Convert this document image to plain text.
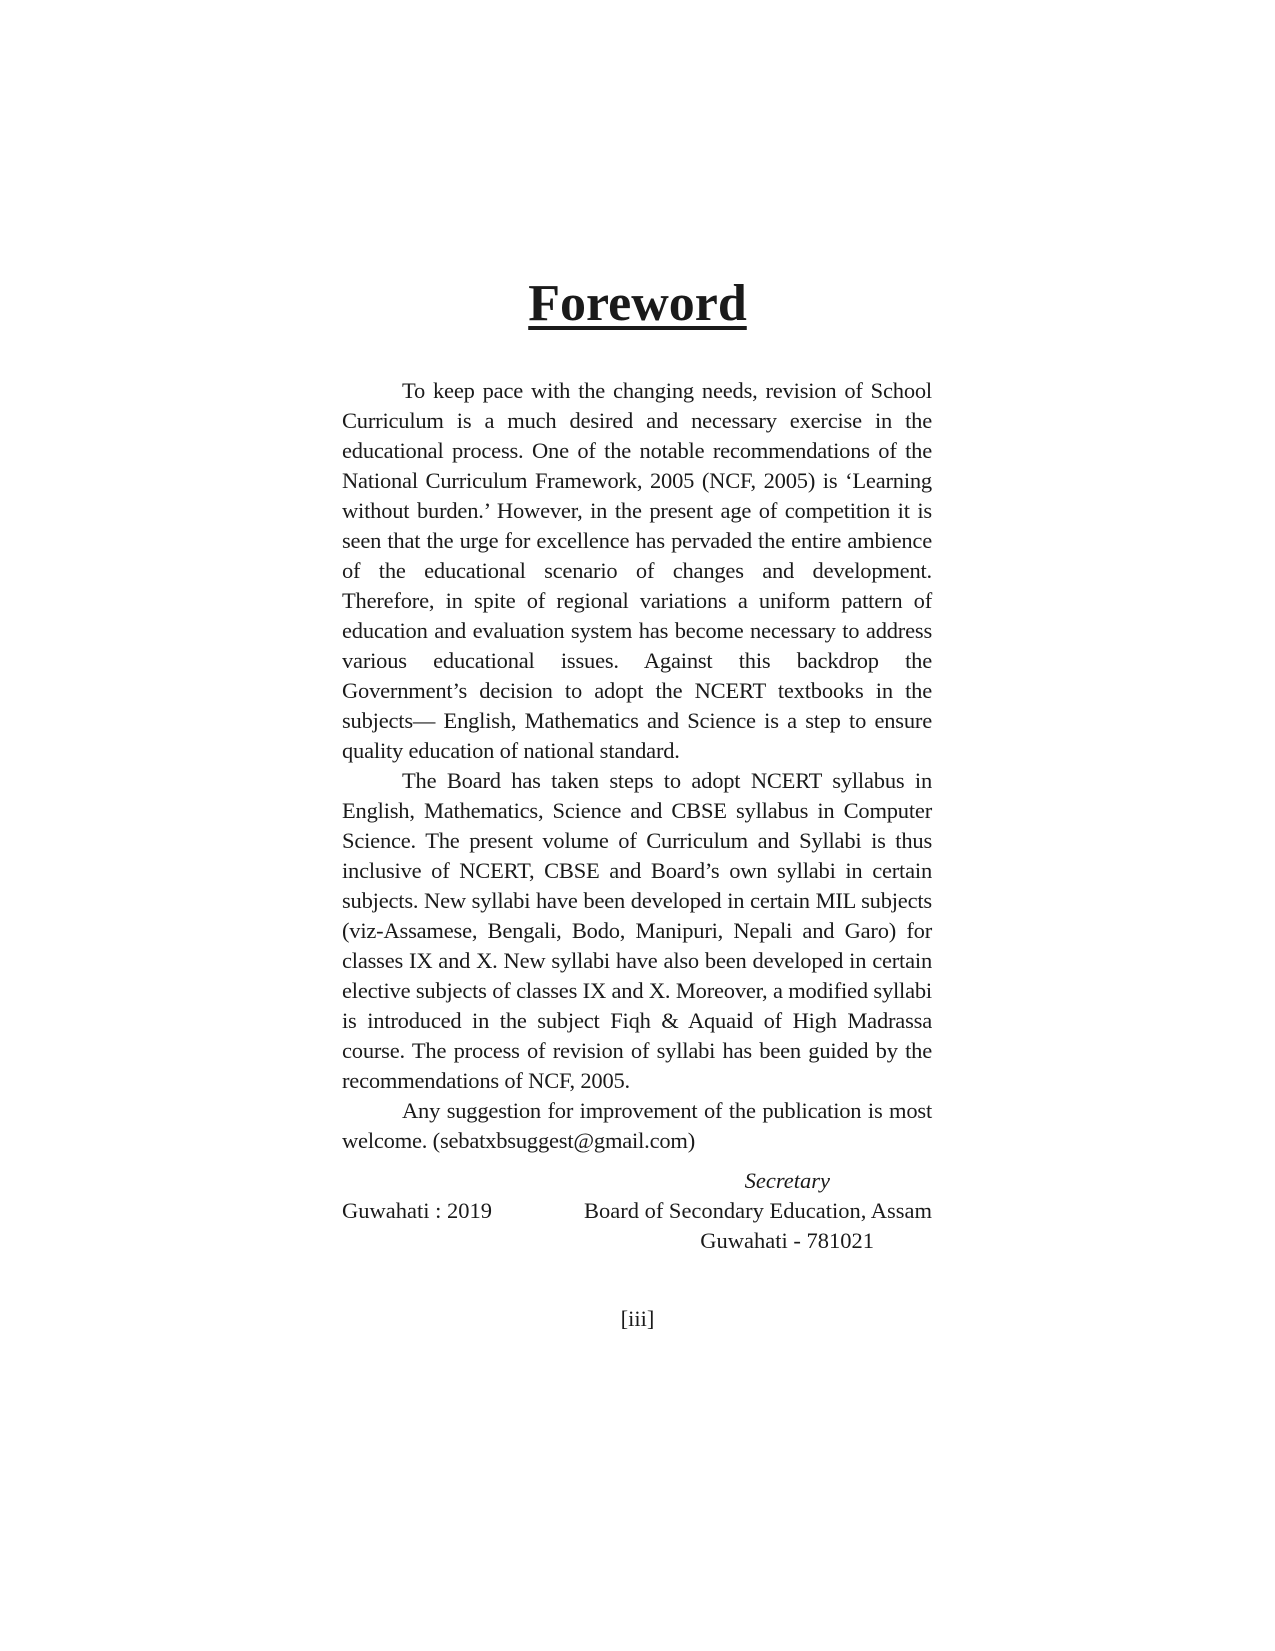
Foreword

To keep pace with the changing needs, revision of School Curriculum is a much desired and necessary exercise in the educational process. One of the notable recommendations of the National Curriculum Framework, 2005 (NCF, 2005) is ‘Learning without burden.’ However, in the present age of competition it is seen that the urge for excellence has pervaded the entire ambience of the educational scenario of changes and development. Therefore, in spite of regional variations a uniform pattern of education and evaluation system has become necessary to address various educational issues. Against this backdrop the Government’s decision to adopt the NCERT textbooks in the subjects— English, Mathematics and Science is a step to ensure quality education of national standard.

The Board has taken steps to adopt NCERT syllabus in English, Mathematics, Science and CBSE syllabus in Computer Science. The present volume of Curriculum and Syllabi is thus inclusive of NCERT, CBSE and Board’s own syllabi in certain subjects. New syllabi have been developed in certain MIL subjects (viz-Assamese, Bengali, Bodo, Manipuri, Nepali and Garo) for classes IX and X. New syllabi have also been developed in certain elective subjects of classes IX and X. Moreover, a modified syllabi is introduced in the subject Fiqh & Aquaid of High Madrassa course. The process of revision of syllabi has been guided by the recommendations of NCF, 2005.

Any suggestion for improvement of the publication is most welcome. (sebatxbsuggest@gmail.com)

Secretary
Guwahati : 2019	Board of Secondary Education, Assam
Guwahati - 781021
[iii]
